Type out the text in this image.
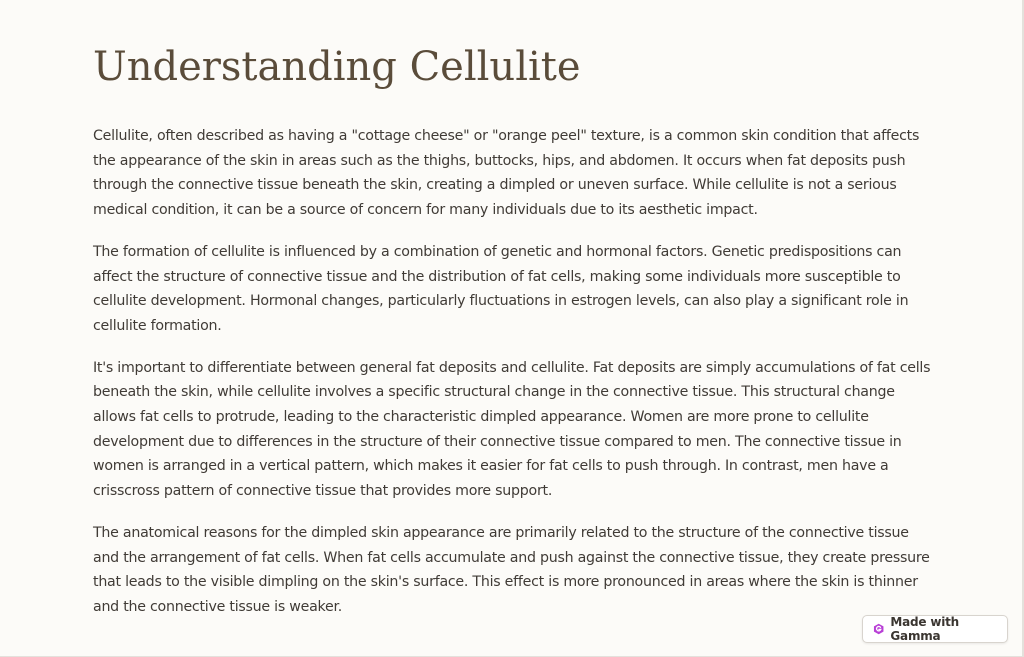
Understanding Cellulite

Cellulite, often described as having a "cottage cheese" or "orange peel" texture, is a common skin condition that affects the appearance of the skin in areas such as the thighs, buttocks, hips, and abdomen. It occurs when fat deposits push through the connective tissue beneath the skin, creating a dimpled or uneven surface. While cellulite is not a serious medical condition, it can be a source of concern for many individuals due to its aesthetic impact.

The formation of cellulite is influenced by a combination of genetic and hormonal factors. Genetic predispositions can affect the structure of connective tissue and the distribution of fat cells, making some individuals more susceptible to cellulite development. Hormonal changes, particularly fluctuations in estrogen levels, can also play a significant role in cellulite formation.

It's important to differentiate between general fat deposits and cellulite. Fat deposits are simply accumulations of fat cells beneath the skin, while cellulite involves a specific structural change in the connective tissue. This structural change allows fat cells to protrude, leading to the characteristic dimpled appearance. Women are more prone to cellulite development due to differences in the structure of their connective tissue compared to men. The connective tissue in women is arranged in a vertical pattern, which makes it easier for fat cells to push through. In contrast, men have a crisscross pattern of connective tissue that provides more support.

The anatomical reasons for the dimpled skin appearance are primarily related to the structure of the connective tissue and the arrangement of fat cells. When fat cells accumulate and push against the connective tissue, they create pressure that leads to the visible dimpling on the skin's surface. This effect is more pronounced in areas where the skin is thinner and the connective tissue is weaker.

Made with Gamma
